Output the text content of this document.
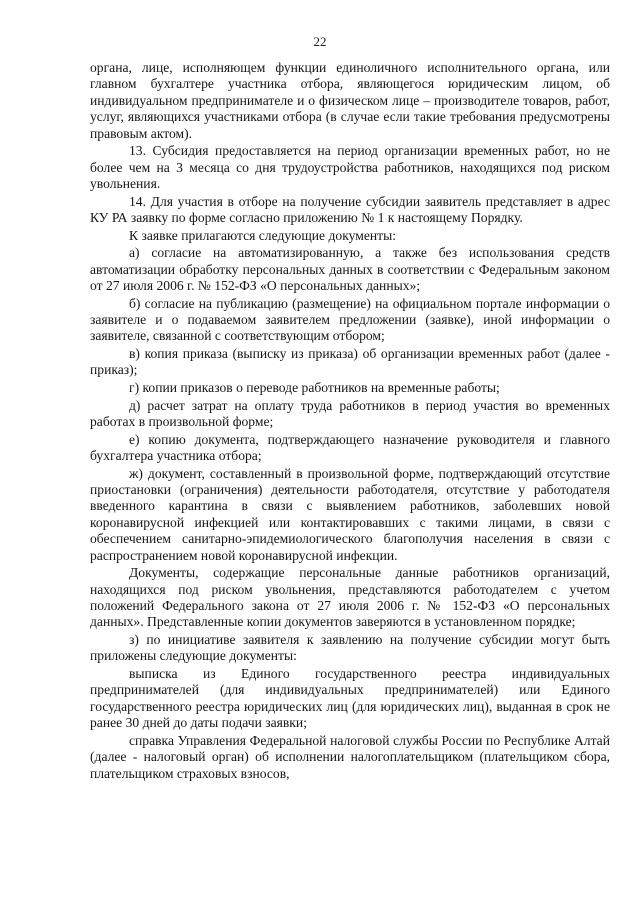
22

органа, лице, исполняющем функции единоличного исполнительного органа, или главном бухгалтере участника отбора, являющегося юридическим лицом, об индивидуальном предпринимателе и о физическом лице – производителе товаров, работ, услуг, являющихся участниками отбора (в случае если такие требования предусмотрены правовым актом).

13. Субсидия предоставляется на период организации временных работ, но не более чем на 3 месяца со дня трудоустройства работников, находящихся под риском увольнения.

14. Для участия в отборе на получение субсидии заявитель представляет в адрес КУ РА заявку по форме согласно приложению № 1 к настоящему Порядку.

К заявке прилагаются следующие документы:

а) согласие на автоматизированную, а также без использования средств автоматизации обработку персональных данных в соответствии с Федеральным законом от 27 июля 2006 г. № 152-ФЗ «О персональных данных»;

б) согласие на публикацию (размещение) на официальном портале информации о заявителе и о подаваемом заявителем предложении (заявке), иной информации о заявителе, связанной с соответствующим отбором;

в) копия приказа (выписку из приказа) об организации временных работ (далее - приказ);

г) копии приказов о переводе работников на временные работы;

д) расчет затрат на оплату труда работников в период участия во временных работах в произвольной форме;

е) копию документа, подтверждающего назначение руководителя и главного бухгалтера участника отбора;

ж) документ, составленный в произвольной форме, подтверждающий отсутствие приостановки (ограничения) деятельности работодателя, отсутствие у работодателя введенного карантина в связи с выявлением работников, заболевших новой коронавирусной инфекцией или контактировавших с такими лицами, в связи с обеспечением санитарно-эпидемиологического благополучия населения в связи с распространением новой коронавирусной инфекции.

Документы, содержащие персональные данные работников организаций, находящихся под риском увольнения, представляются работодателем с учетом положений Федерального закона от 27 июля 2006 г. № 152-ФЗ «О персональных данных». Представленные копии документов заверяются в установленном порядке;

з) по инициативе заявителя к заявлению на получение субсидии могут быть приложены следующие документы:

выписка из Единого государственного реестра индивидуальных предпринимателей (для индивидуальных предпринимателей) или Единого государственного реестра юридических лиц (для юридических лиц), выданная в срок не ранее 30 дней до даты подачи заявки;

справка Управления Федеральной налоговой службы России по Республике Алтай (далее - налоговый орган) об исполнении налогоплательщиком (плательщиком сбора, плательщиком страховых взносов,
